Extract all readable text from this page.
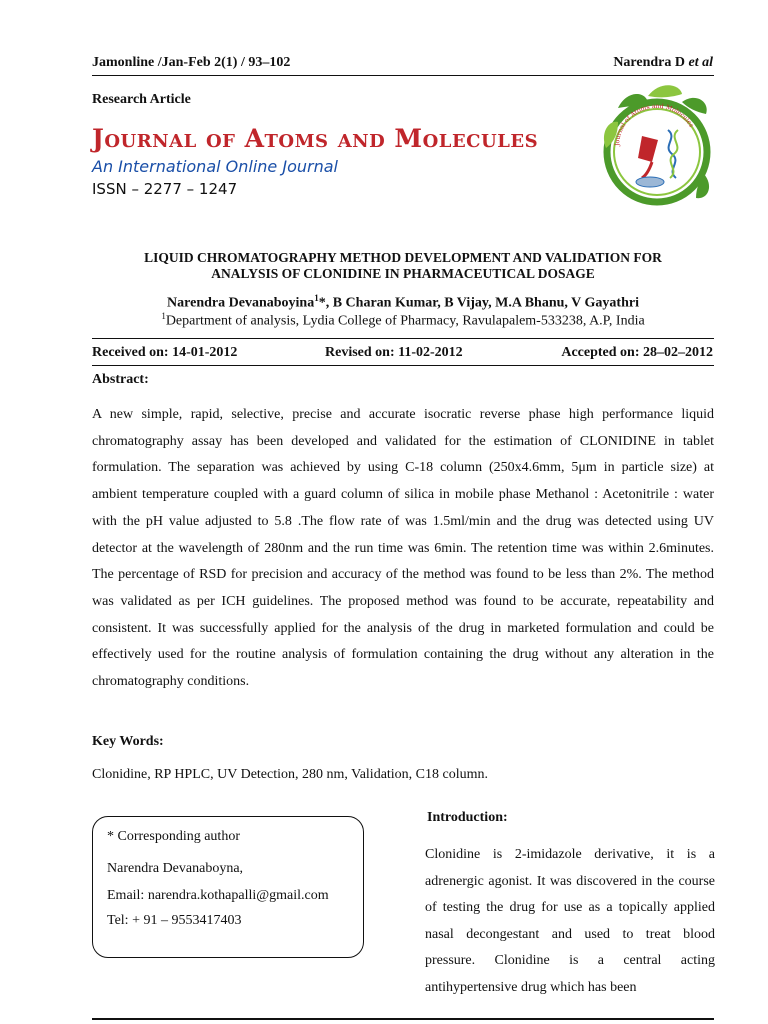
Jamonline /Jan-Feb 2(1) / 93–102	Narendra D et al
Research Article
Journal of Atoms and Molecules
An International Online Journal
ISSN – 2277 – 1247
Journal of Atoms and Molecules
LIQUID CHROMATOGRAPHY METHOD DEVELOPMENT AND VALIDATION FOR
ANALYSIS OF CLONIDINE IN PHARMACEUTICAL DOSAGE
Narendra Devanaboyina$^1$*, B Charan Kumar, B Vijay, M.A Bhanu, V Gayathri
$^1$Department of analysis, Lydia College of Pharmacy, Ravulapalem-533238, A.P, India
Received on: 14-01-2012	Revised on: 11-02-2012	Accepted on: 28–02–2012
Abstract:
A new simple, rapid, selective, precise and accurate isocratic reverse phase high performance liquid chromatography assay has been developed and validated for the estimation of CLONIDINE in tablet formulation. The separation was achieved by using C-18 column (250x4.6mm, 5μm in particle size) at ambient temperature coupled with a guard column of silica in mobile phase Methanol : Acetonitrile : water with the pH value adjusted to 5.8 .The flow rate of was 1.5ml/min and the drug was detected using UV detector at the wavelength of 280nm and the run time was 6min. The retention time was within 2.6minutes. The percentage of RSD for precision and accuracy of the method was found to be less than 2%. The method was validated as per ICH guidelines. The proposed method was found to be accurate, repeatability and consistent. It was successfully applied for the analysis of the drug in marketed formulation and could be effectively used for the routine analysis of formulation containing the drug without any alteration in the chromatography conditions.
Key Words:
Clonidine, RP HPLC, UV Detection, 280 nm, Validation, C18 column.
* Corresponding author
Narendra Devanaboyna,
Email: narendra.kothapalli@gmail.com
Tel: + 91 – 9553417403
Introduction:
Clonidine is 2-imidazole derivative, it is a adrenergic agonist. It was discovered in the course of testing the drug for use as a topically applied nasal decongestant and used to treat blood pressure. Clonidine is a central acting antihypertensive drug which has been
